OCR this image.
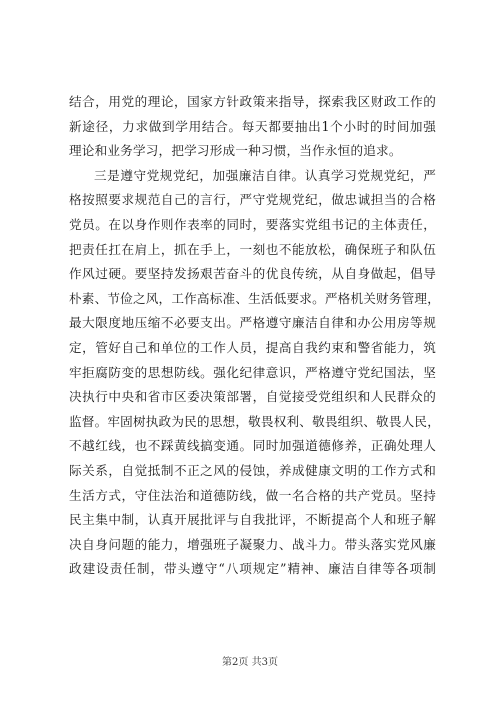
结合，用党的理论，国家方针政策来指导，探索我区财政工作的
新途径，力求做到学用结合。每天都要抽出1个小时的时间加强
理论和业务学习，把学习形成一种习惯，当作永恒的追求。
三是遵守党规党纪，加强廉洁自律。认真学习党规党纪，严
格按照要求规范自己的言行，严守党规党纪，做忠诚担当的合格
党员。在以身作则作表率的同时，要落实党组书记的主体责任，
把责任扛在肩上，抓在手上，一刻也不能放松，确保班子和队伍
作风过硬。要坚持发扬艰苦奋斗的优良传统，从自身做起，倡导
朴素、节俭之风，工作高标准、生活低要求。严格机关财务管理，
最大限度地压缩不必要支出。严格遵守廉洁自律和办公用房等规
定，管好自己和单位的工作人员，提高自我约束和警省能力，筑
牢拒腐防变的思想防线。强化纪律意识，严格遵守党纪国法，坚
决执行中央和省市区委决策部署，自觉接受党组织和人民群众的
监督。牢固树执政为民的思想，敬畏权利、敬畏组织、敬畏人民，
不越红线，也不踩黄线搞变通。同时加强道德修养，正确处理人
际关系，自觉抵制不正之风的侵蚀，养成健康文明的工作方式和
生活方式，守住法治和道德防线，做一名合格的共产党员。坚持
民主集中制，认真开展批评与自我批评，不断提高个人和班子解
决自身问题的能力，增强班子凝聚力、战斗力。带头落实党风廉
政建设责任制，带头遵守“八项规定”精神、廉洁自律等各项制
第2页 共3页
